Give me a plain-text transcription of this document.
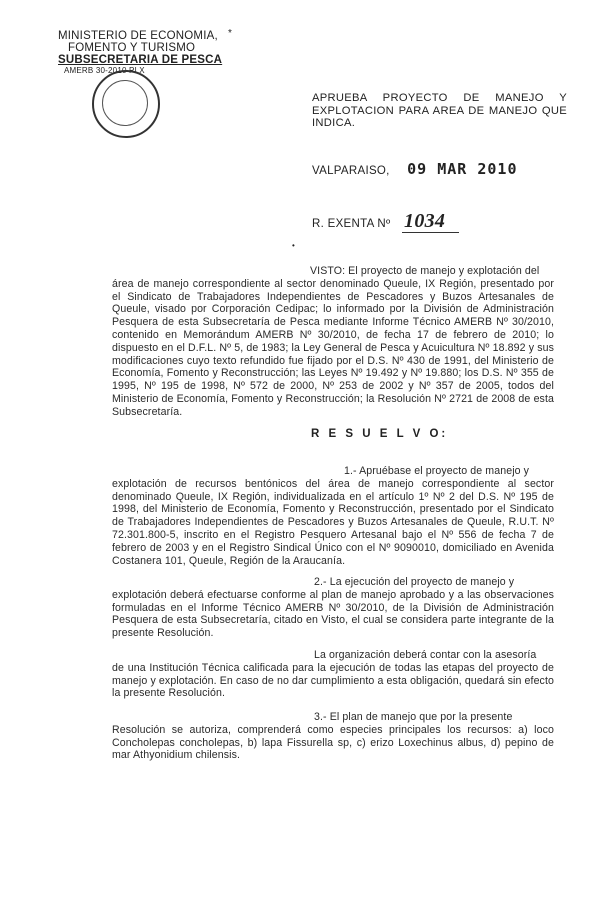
MINISTERIO DE ECONOMIA,
FOMENTO Y TURISMO
SUBSECRETARIA DE PESCA
AMERB 30-2010 PLX
*
APRUEBA PROYECTO DE MANEJO Y EXPLOTACION PARA AREA DE MANEJO QUE INDICA.
VALPARAISO, 09 MAR 2010
R. EXENTA Nº 1034
•
VISTO: El proyecto de manejo y explotación del
área de manejo correspondiente al sector denominado Queule, IX Región, presentado por el Sindicato de Trabajadores Independientes de Pescadores y Buzos Artesanales de Queule, visado por Corporación Cedipac; lo informado por la División de Administración Pesquera de esta Subsecretaría de Pesca mediante Informe Técnico AMERB Nº 30/2010, contenido en Memorándum AMERB Nº 30/2010, de fecha 17 de febrero de 2010; lo dispuesto en el D.F.L. Nº 5, de 1983; la Ley General de Pesca y Acuicultura Nº 18.892 y sus modificaciones cuyo texto refundido fue fijado por el D.S. Nº 430 de 1991, del Ministerio de Economía, Fomento y Reconstrucción; las Leyes Nº 19.492 y Nº 19.880; los D.S. Nº 355 de 1995, Nº 195 de 1998, Nº 572 de 2000, Nº 253 de 2002 y Nº 357 de 2005, todos del Ministerio de Economía, Fomento y Reconstrucción; la Resolución Nº 2721 de 2008 de esta Subsecretaría.
R E S U E L V O:
1.- Apruébase el proyecto de manejo y
explotación de recursos bentónicos del área de manejo correspondiente al sector denominado Queule, IX Región, individualizada en el artículo 1º Nº 2 del D.S. Nº 195 de 1998, del Ministerio de Economía, Fomento y Reconstrucción, presentado por el Sindicato de Trabajadores Independientes de Pescadores y Buzos Artesanales de Queule, R.U.T. Nº 72.301.800-5, inscrito en el Registro Pesquero Artesanal bajo el Nº 556 de fecha 7 de febrero de 2003 y en el Registro Sindical Único con el Nº 9090010, domiciliado en Avenida Costanera 101, Queule, Región de la Araucanía.
2.- La ejecución del proyecto de manejo y
explotación deberá efectuarse conforme al plan de manejo aprobado y a las observaciones formuladas en el Informe Técnico AMERB Nº 30/2010, de la División de Administración Pesquera de esta Subsecretaría, citado en Visto, el cual se considera parte integrante de la presente Resolución.
La organización deberá contar con la asesoría
de una Institución Técnica calificada para la ejecución de todas las etapas del proyecto de manejo y explotación. En caso de no dar cumplimiento a esta obligación, quedará sin efecto la presente Resolución.
3.- El plan de manejo que por la presente
Resolución se autoriza, comprenderá como especies principales los recursos: a) loco Concholepas concholepas, b) lapa Fissurella sp, c) erizo Loxechinus albus, d) pepino de mar Athyonidium chilensis.
